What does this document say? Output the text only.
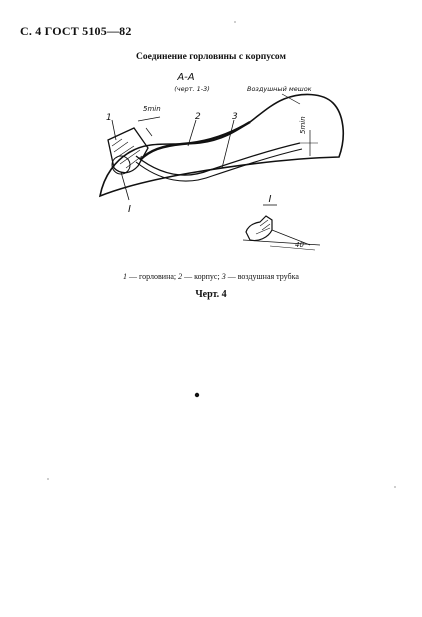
С. 4 ГОСТ 5105—82
Соединение горловины с корпусом
А-А
(черт. 1-3)	Воздушный мешок
5min
5min
1	2	3
I
I
40
1 — горловина; 2 — корпус; 3 — воздушная трубка
Черт. 4
